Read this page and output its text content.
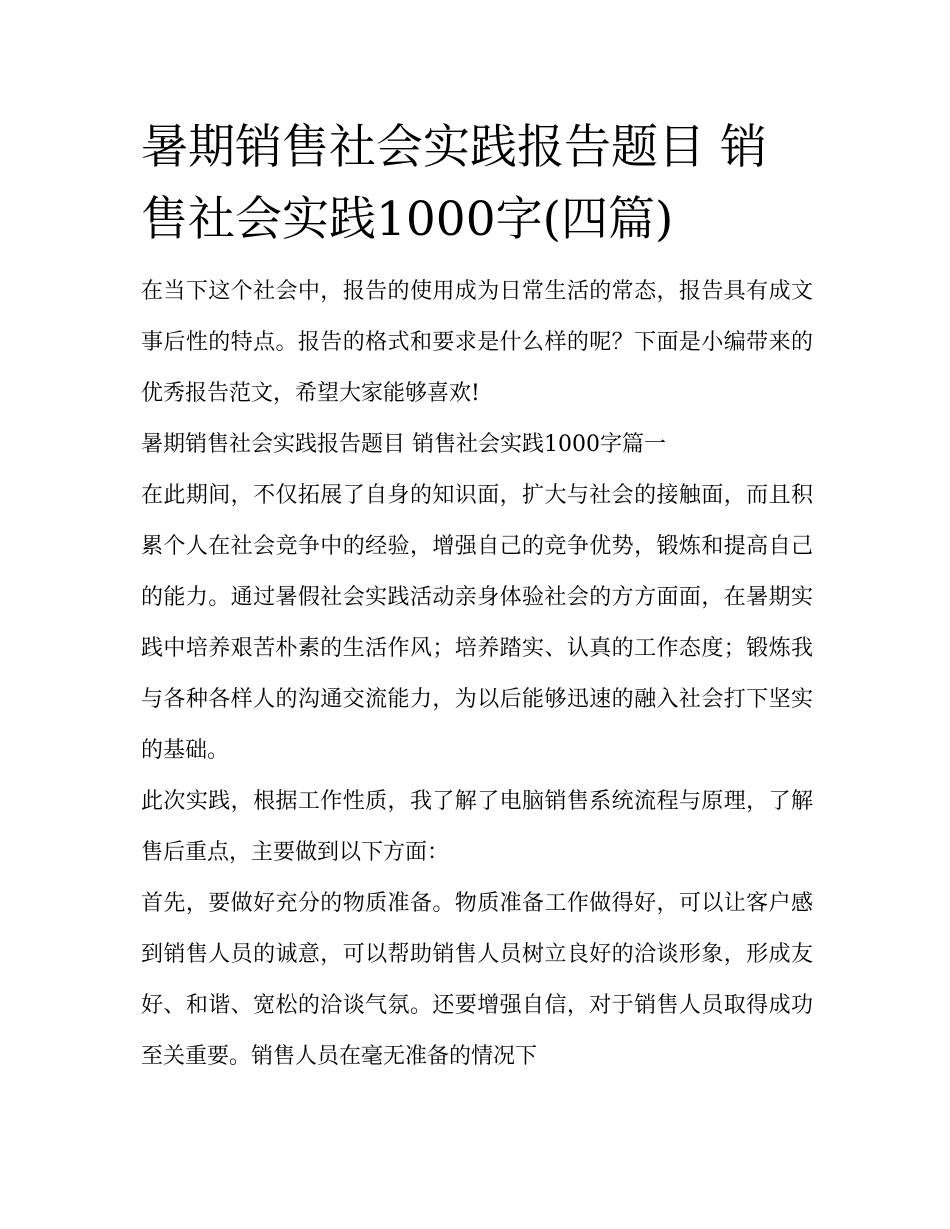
暑期销售社会实践报告题目 销售社会实践1000字(四篇)

在当下这个社会中，报告的使用成为日常生活的常态，报告具有成文事后性的特点。报告的格式和要求是什么样的呢？下面是小编带来的优秀报告范文，希望大家能够喜欢!

暑期销售社会实践报告题目 销售社会实践1000字篇一

在此期间，不仅拓展了自身的知识面，扩大与社会的接触面，而且积累个人在社会竞争中的经验，增强自己的竞争优势，锻炼和提高自己的能力。通过暑假社会实践活动亲身体验社会的方方面面，在暑期实践中培养艰苦朴素的生活作风；培养踏实、认真的工作态度；锻炼我与各种各样人的沟通交流能力，为以后能够迅速的融入社会打下坚实的基础。

此次实践，根据工作性质，我了解了电脑销售系统流程与原理，了解售后重点，主要做到以下方面：

首先，要做好充分的物质准备。物质准备工作做得好，可以让客户感到销售人员的诚意，可以帮助销售人员树立良好的洽谈形象，形成友好、和谐、宽松的洽谈气氛。还要增强自信，对于销售人员取得成功至关重要。销售人员在毫无准备的情况下
